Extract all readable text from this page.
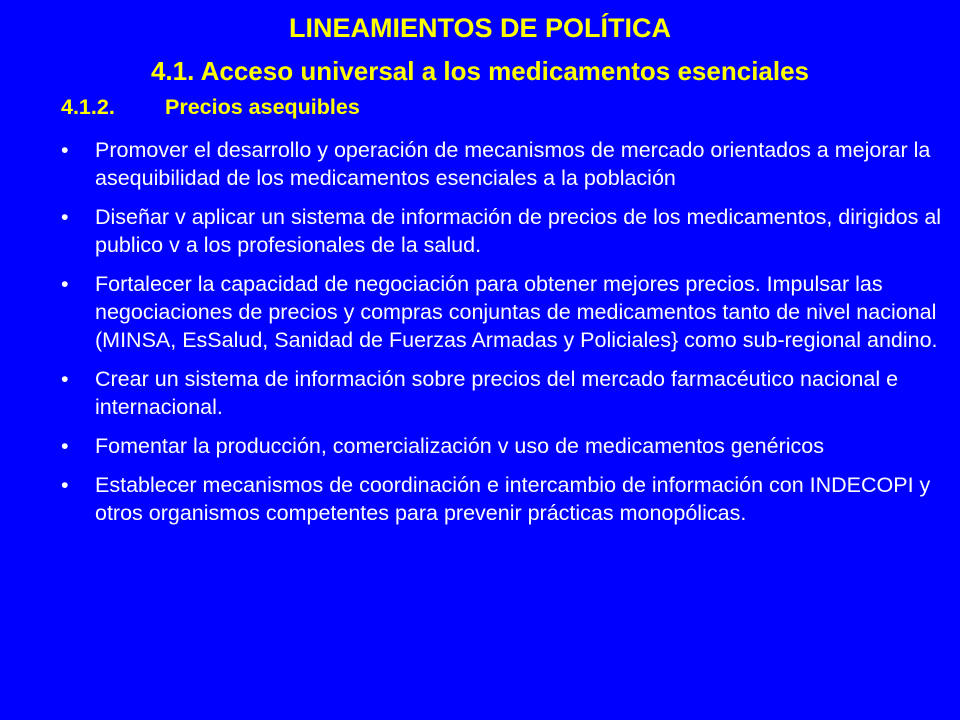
LINEAMIENTOS DE POLÍTICA
4.1. Acceso universal a los medicamentos esenciales
4.1.2. Precios asequibles
•	Promover el desarrollo y operación de mecanismos de mercado orientados a mejorar la asequibilidad de los medicamentos esenciales a la población
•	Diseñar v aplicar un sistema de información de precios de los medicamentos, dirigidos al publico v a los profesionales de la salud.
•	Fortalecer la capacidad de negociación para obtener mejores precios. Impulsar las negociaciones de precios y compras conjuntas de medicamentos tanto de nivel nacional (MINSA, EsSalud, Sanidad de Fuerzas Armadas y Policiales} como sub-regional andino.
•	Crear un sistema de información sobre precios del mercado farmacéutico nacional e internacional.
•	Fomentar la producción, comercialización v uso de medicamentos genéricos
•	Establecer mecanismos de coordinación e intercambio de información con INDECOPI y otros organismos competentes para prevenir prácticas monopólicas.
